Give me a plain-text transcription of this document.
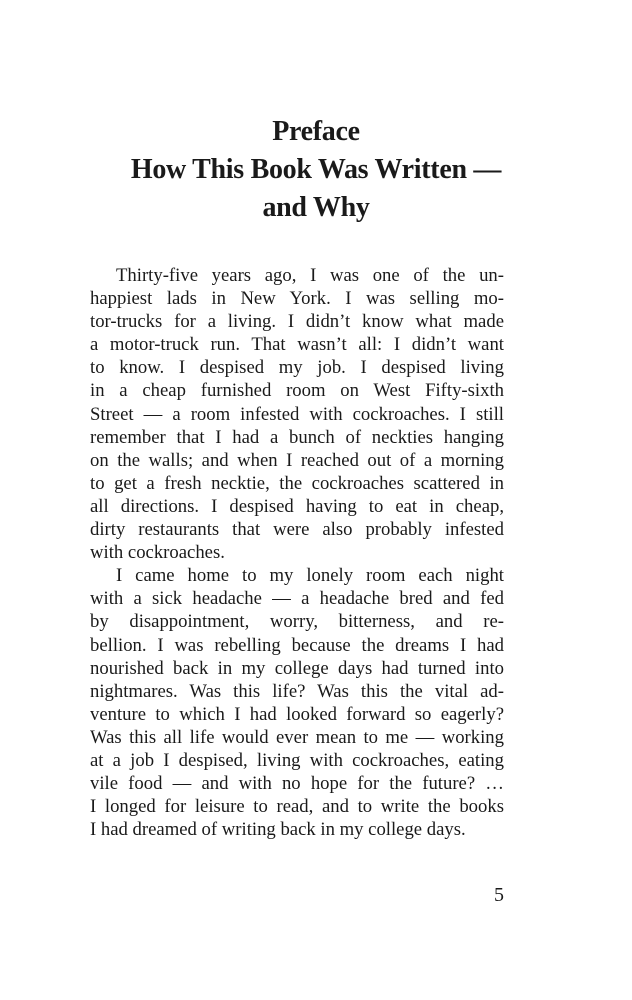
Preface
How This Book Was Written —
and Why
Thirty-five years ago, I was one of the un-
happiest lads in New York. I was selling mo-
tor-trucks for a living. I didn’t know what made
a motor-truck run. That wasn’t all: I didn’t want
to know. I despised my job. I despised living
in a cheap furnished room on West Fifty-sixth
Street — a room infested with cockroaches. I still
remember that I had a bunch of neckties hanging
on the walls; and when I reached out of a morning
to get a fresh necktie, the cockroaches scattered in
all directions. I despised having to eat in cheap,
dirty restaurants that were also probably infested
with cockroaches.
I came home to my lonely room each night
with a sick headache — a headache bred and fed
by disappointment, worry, bitterness, and re-
bellion. I was rebelling because the dreams I had
nourished back in my college days had turned into
nightmares. Was this life? Was this the vital ad-
venture to which I had looked forward so eagerly?
Was this all life would ever mean to me — working
at a job I despised, living with cockroaches, eating
vile food — and with no hope for the future? …
I longed for leisure to read, and to write the books
I had dreamed of writing back in my college days.
5
